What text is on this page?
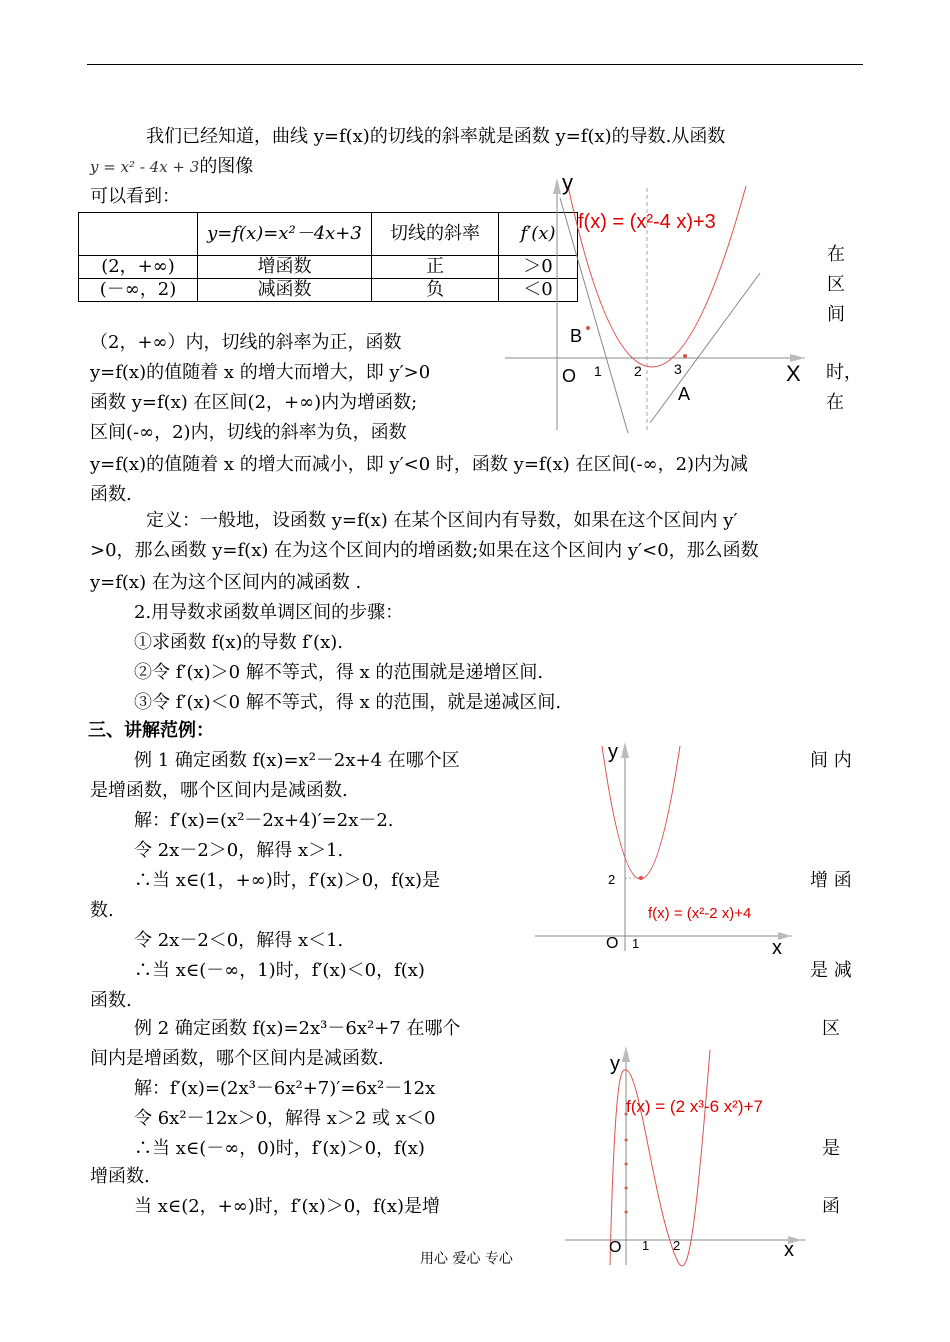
我们已经知道，曲线 y=f(x)的切线的斜率就是函数 y=f(x)的导数.从函数
y = x² - 4x + 3的图像
可以看到：
	y=f(x)=x²－4x+3	切线的斜率	f′(x)
(2，+∞)	增函数	正	＞0
(－∞，2)	减函数	负	＜0
y
X
O 1 2 3
A
B
f(x) = (x²-4 x)+3
在
区
间
时，
在
（2，+∞）内，切线的斜率为正，函数
y=f(x)的值随着 x 的增大而增大，即 y′>0
函数 y=f(x) 在区间(2，+∞)内为增函数;
区间(-∞，2)内，切线的斜率为负，函数
y=f(x)的值随着 x 的增大而减小，即 y′<0 时，函数 y=f(x) 在区间(-∞，2)内为减
函数.
定义：一般地，设函数 y=f(x) 在某个区间内有导数，如果在这个区间内 y′
>0，那么函数 y=f(x) 在为这个区间内的增函数;如果在这个区间内 y′<0，那么函数
y=f(x) 在为这个区间内的减函数 .
2.用导数求函数单调区间的步骤：
①求函数 f(x)的导数 f′(x).
②令 f′(x)＞0 解不等式，得 x 的范围就是递增区间.
③令 f′(x)＜0 解不等式，得 x 的范围，就是递减区间.
三、讲解范例：
例 1 确定函数 f(x)=x²－2x+4 在哪个区
是增函数，哪个区间内是减函数.
解：f′(x)=(x²－2x+4)′=2x－2.
令 2x－2＞0，解得 x＞1.
∴当 x∈(1，+∞)时，f′(x)＞0，f(x)是
数.
令 2x－2＜0，解得 x＜1.
∴当 x∈(－∞，1)时，f′(x)＜0，f(x)
函数.
间 内
增 函
是 减
y
x
O 1
2
f(x) = (x²-2 x)+4
例 2 确定函数 f(x)=2x³－6x²+7 在哪个
间内是增函数，哪个区间内是减函数.
解：f′(x)=(2x³－6x²+7)′=6x²－12x
令 6x²－12x＞0，解得 x＞2 或 x＜0
∴当 x∈(－∞，0)时，f′(x)＞0，f(x)
增函数.
当 x∈(2，+∞)时，f′(x)＞0，f(x)是增
区
是
函
y
x
O 1 2
f(x) = (2 x³-6 x²)+7
用心 爱心 专心
